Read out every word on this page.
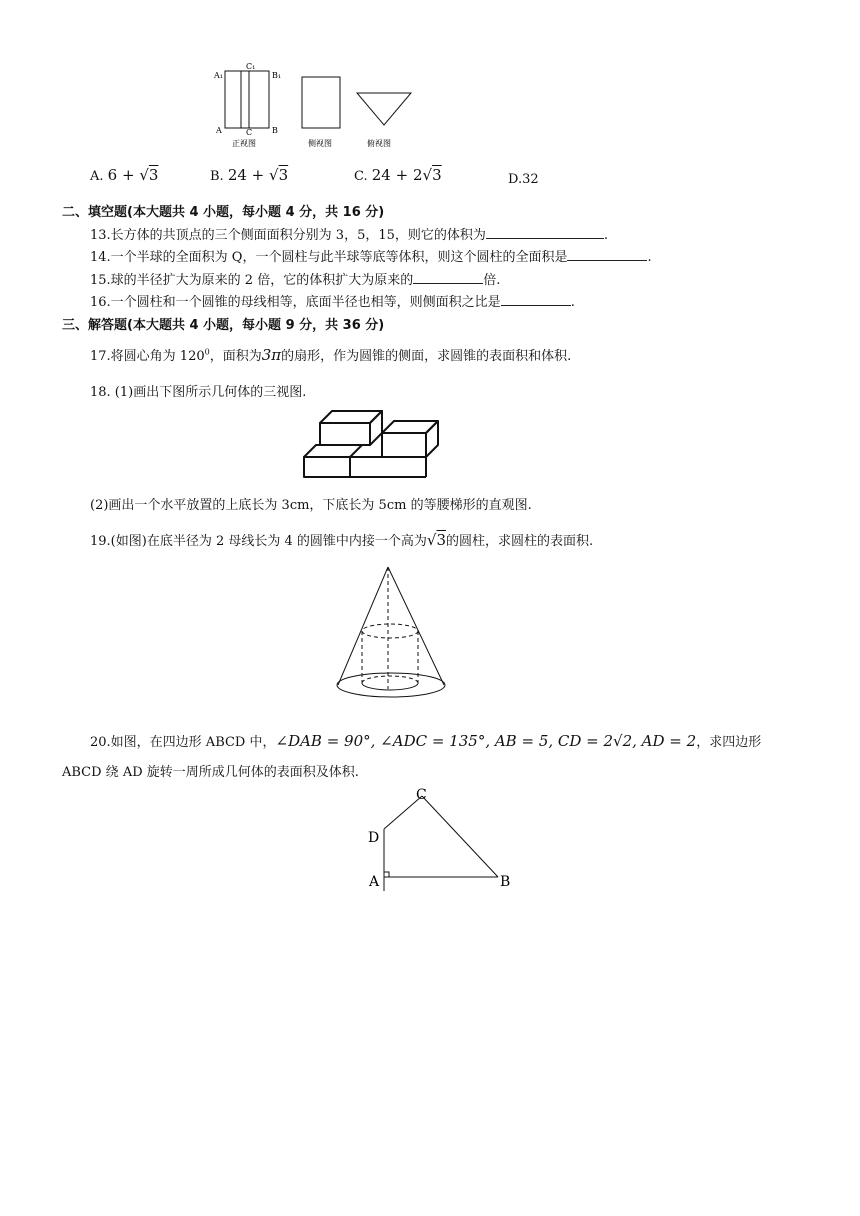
A₁
C₁
B₁
A	C B
正视图	侧视图	俯视图
A. 6 + √3	B. 24 + √3	C. 24 + 2√3	D.32
二、填空题(本大题共 4 小题，每小题 4 分，共 16 分)
13.长方体的共顶点的三个侧面面积分别为 3，5，15，则它的体积为	.
14.一个半球的全面积为 Q，一个圆柱与此半球等底等体积，则这个圆柱的全面积是	.
15.球的半径扩大为原来的 2 倍，它的体积扩大为原来的	倍.
16.一个圆柱和一个圆锥的母线相等，底面半径也相等，则侧面积之比是	.
三、解答题(本大题共 4 小题，每小题 9 分，共 36 分)
17.将圆心角为 $120^0$，面积为3π的扇形，作为圆锥的侧面，求圆锥的表面积和体积.
18. (1)画出下图所示几何体的三视图.
(2)画出一个水平放置的上底长为 3cm，下底长为 5cm 的等腰梯形的直观图.
19.(如图)在底半径为 2 母线长为 4 的圆锥中内接一个高为√3的圆柱，求圆柱的表面积.
20.如图，在四边形 ABCD 中，∠DAB = 90°, ∠ADC = 135°, AB = 5, CD = 2√2, AD = 2，求四边形
ABCD 绕 AD 旋转一周所成几何体的表面积及体积.
C
D
A	B
